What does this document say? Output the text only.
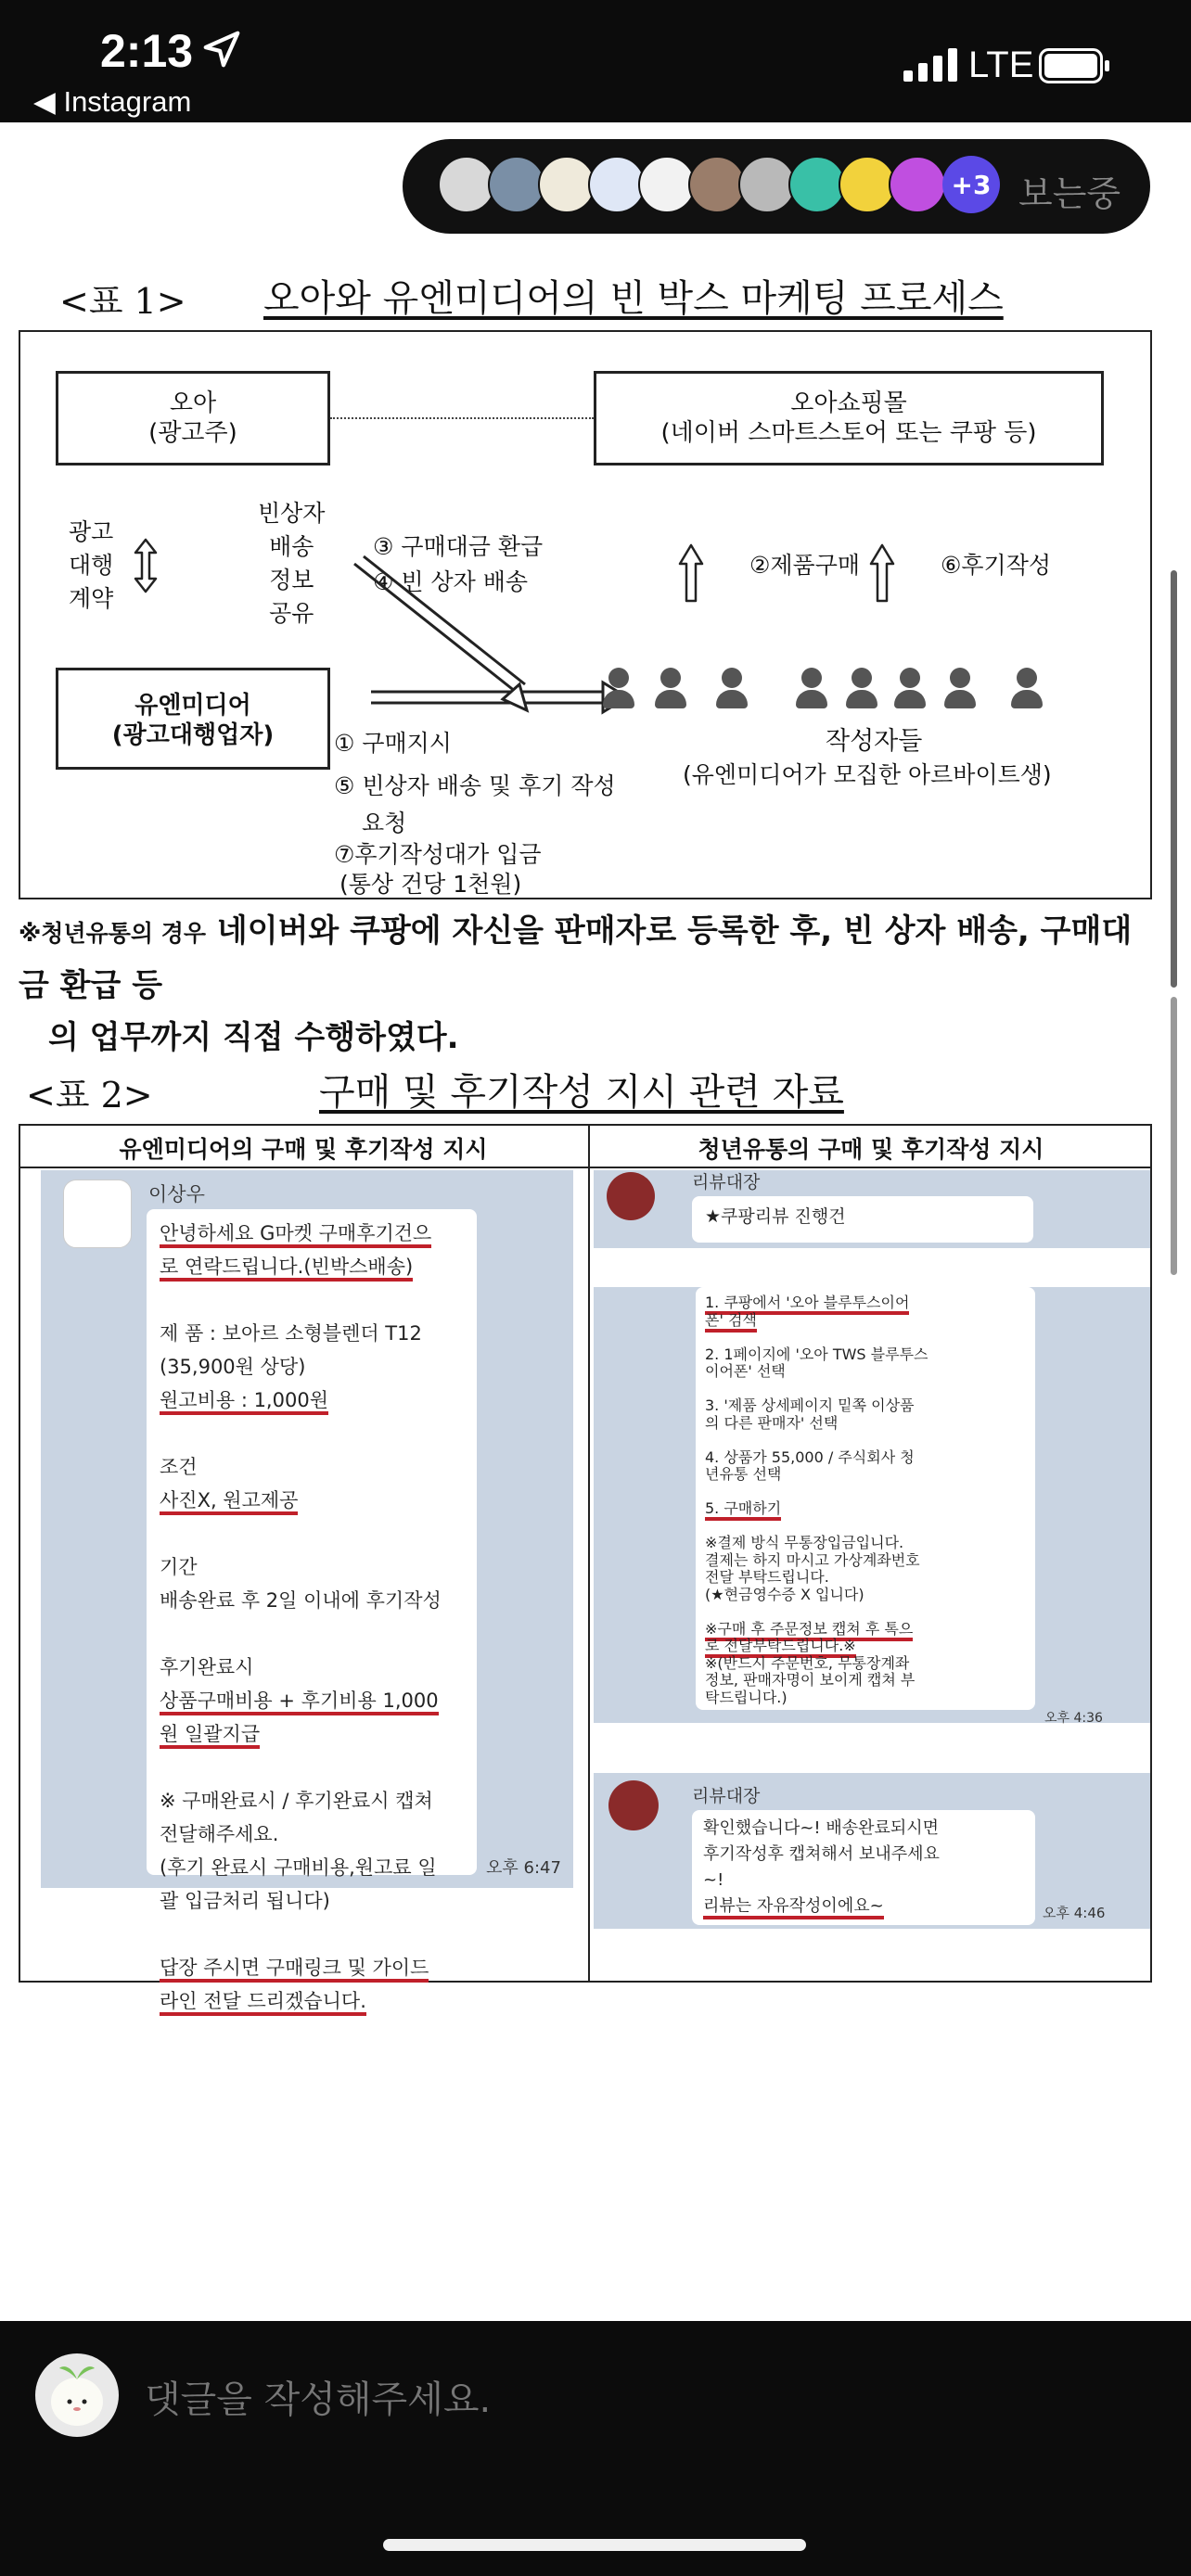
2:13
◀ Instagram
LTE
+3 보는중
<표 1> 오아와 유엔미디어의 빈 박스 마케팅 프로세스
오아
(광고주)
오아쇼핑몰
(네이버 스마트스토어 또는 쿠팡 등)
광고
대행
계약
빈상자
배송
정보
공유
③ 구매대금 환급
④ 빈 상자 배송
②제품구매	⑥후기작성
유엔미디어
(광고대행업자)	① 구매지시
⑤ 빈상자 배송 및 후기 작성
요청
⑦후기작성대가 입금
(통상 건당 1천원)
작성자들
(유엔미디어가 모집한 아르바이트생)
※청년유통의 경우 네이버와 쿠팡에 자신을 판매자로 등록한 후, 빈 상자 배송, 구매대금 환급 등
의 업무까지 직접 수행하였다.
<표 2>	구매 및 후기작성 지시 관련 자료
유엔미디어의 구매 및 후기작성 지시	청년유통의 구매 및 후기작성 지시
이상우
안녕하세요 G마켓 구매후기건으
로 연락드립니다.(빈박스배송)

제 품 : 보아르 소형블렌더 T12
(35,900원 상당)
원고비용 : 1,000원

조건
사진X, 원고제공

기간
배송완료 후 2일 이내에 후기작성

후기완료시
상품구매비용 + 후기비용 1,000
원 일괄지급

※ 구매완료시 / 후기완료시 캡쳐
전달해주세요.
(후기 완료시 구매비용,원고료 일
괄 입금처리 됩니다)

답장 주시면 구매링크 및 가이드
라인 전달 드리겠습니다.
오후 6:47
리뷰대장
★쿠팡리뷰 진행건
1. 쿠팡에서 '오아 블루투스이어
폰' 검색

2. 1페이지에 '오아 TWS 블루투스
이어폰' 선택

3. '제품 상세페이지 밑쪽 이상품
의 다른 판매자' 선택

4. 상품가 55,000 / 주식회사 청
년유통 선택

5. 구매하기

※결제 방식 무통장입금입니다.
결제는 하지 마시고 가상계좌번호
전달 부탁드립니다.
(★현금영수증 X 입니다)

※구매 후 주문정보 캡쳐 후 톡으
로 전달부탁드립니다.※
※(반드시 주문번호, 무통장계좌
정보, 판매자명이 보이게 캡쳐 부
탁드립니다.)
오후 4:36
리뷰대장
확인했습니다~! 배송완료되시면
후기작성후 캡쳐해서 보내주세요
~!
리뷰는 자유작성이에요~	오후 4:46
댓글을 작성해주세요.
